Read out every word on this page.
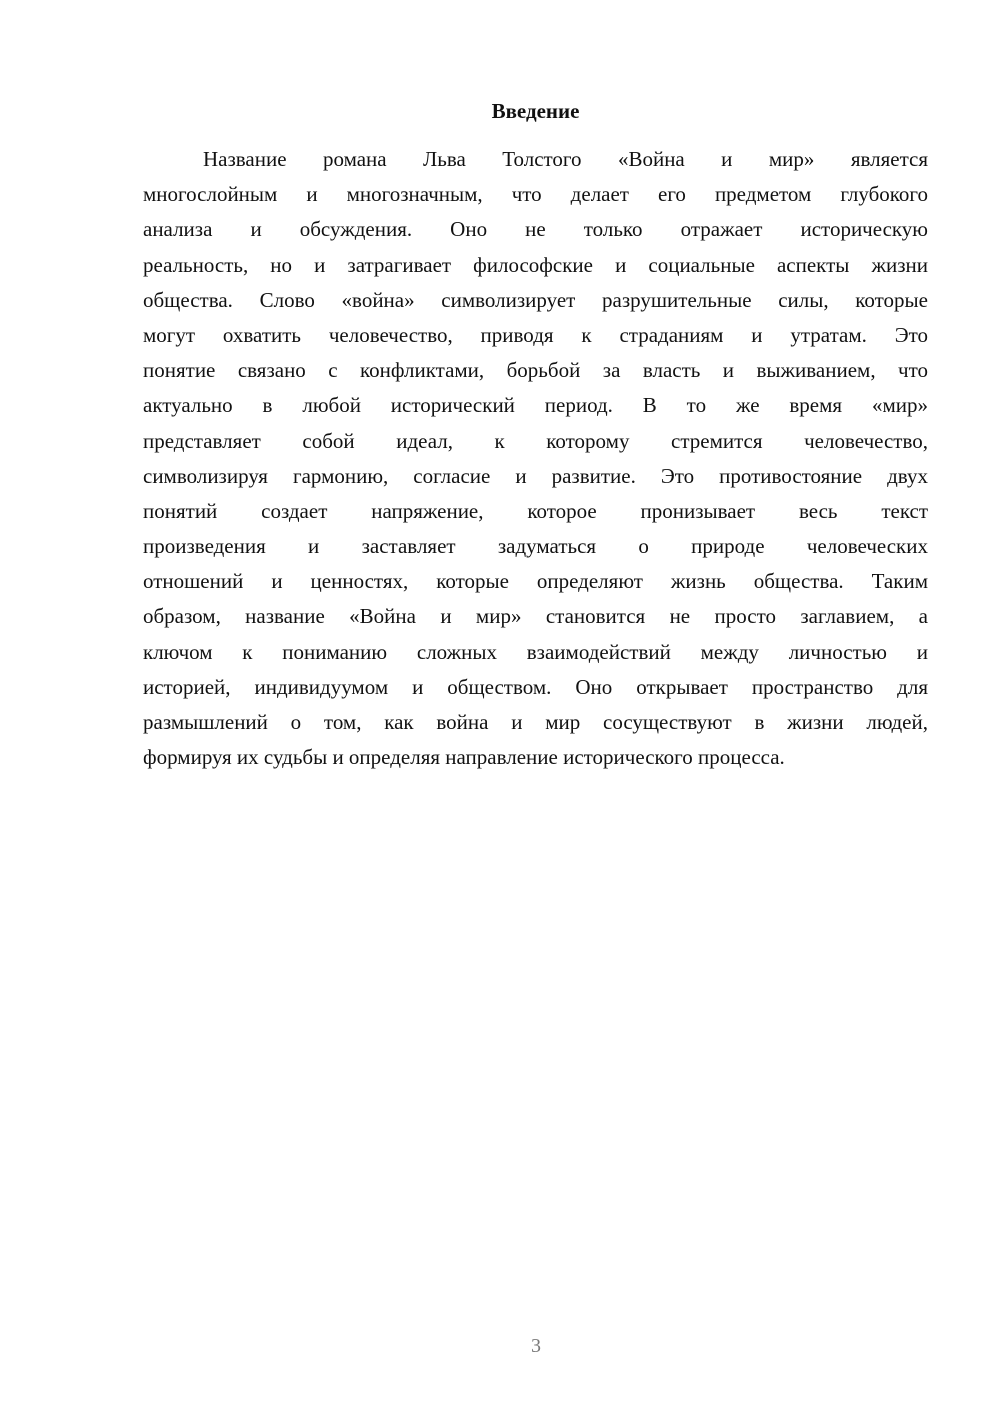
Введение
Название романа Льва Толстого «Война и мир» является
многослойным и многозначным, что делает его предметом глубокого
анализа и обсуждения. Оно не только отражает историческую
реальность, но и затрагивает философские и социальные аспекты жизни
общества. Слово «война» символизирует разрушительные силы, которые
могут охватить человечество, приводя к страданиям и утратам. Это
понятие связано с конфликтами, борьбой за власть и выживанием, что
актуально в любой исторический период. В то же время «мир»
представляет собой идеал, к которому стремится человечество,
символизируя гармонию, согласие и развитие. Это противостояние двух
понятий создает напряжение, которое пронизывает весь текст
произведения и заставляет задуматься о природе человеческих
отношений и ценностях, которые определяют жизнь общества. Таким
образом, название «Война и мир» становится не просто заглавием, а
ключом к пониманию сложных взаимодействий между личностью и
историей, индивидуумом и обществом. Оно открывает пространство для
размышлений о том, как война и мир сосуществуют в жизни людей,
формируя их судьбы и определяя направление исторического процесса.
3
